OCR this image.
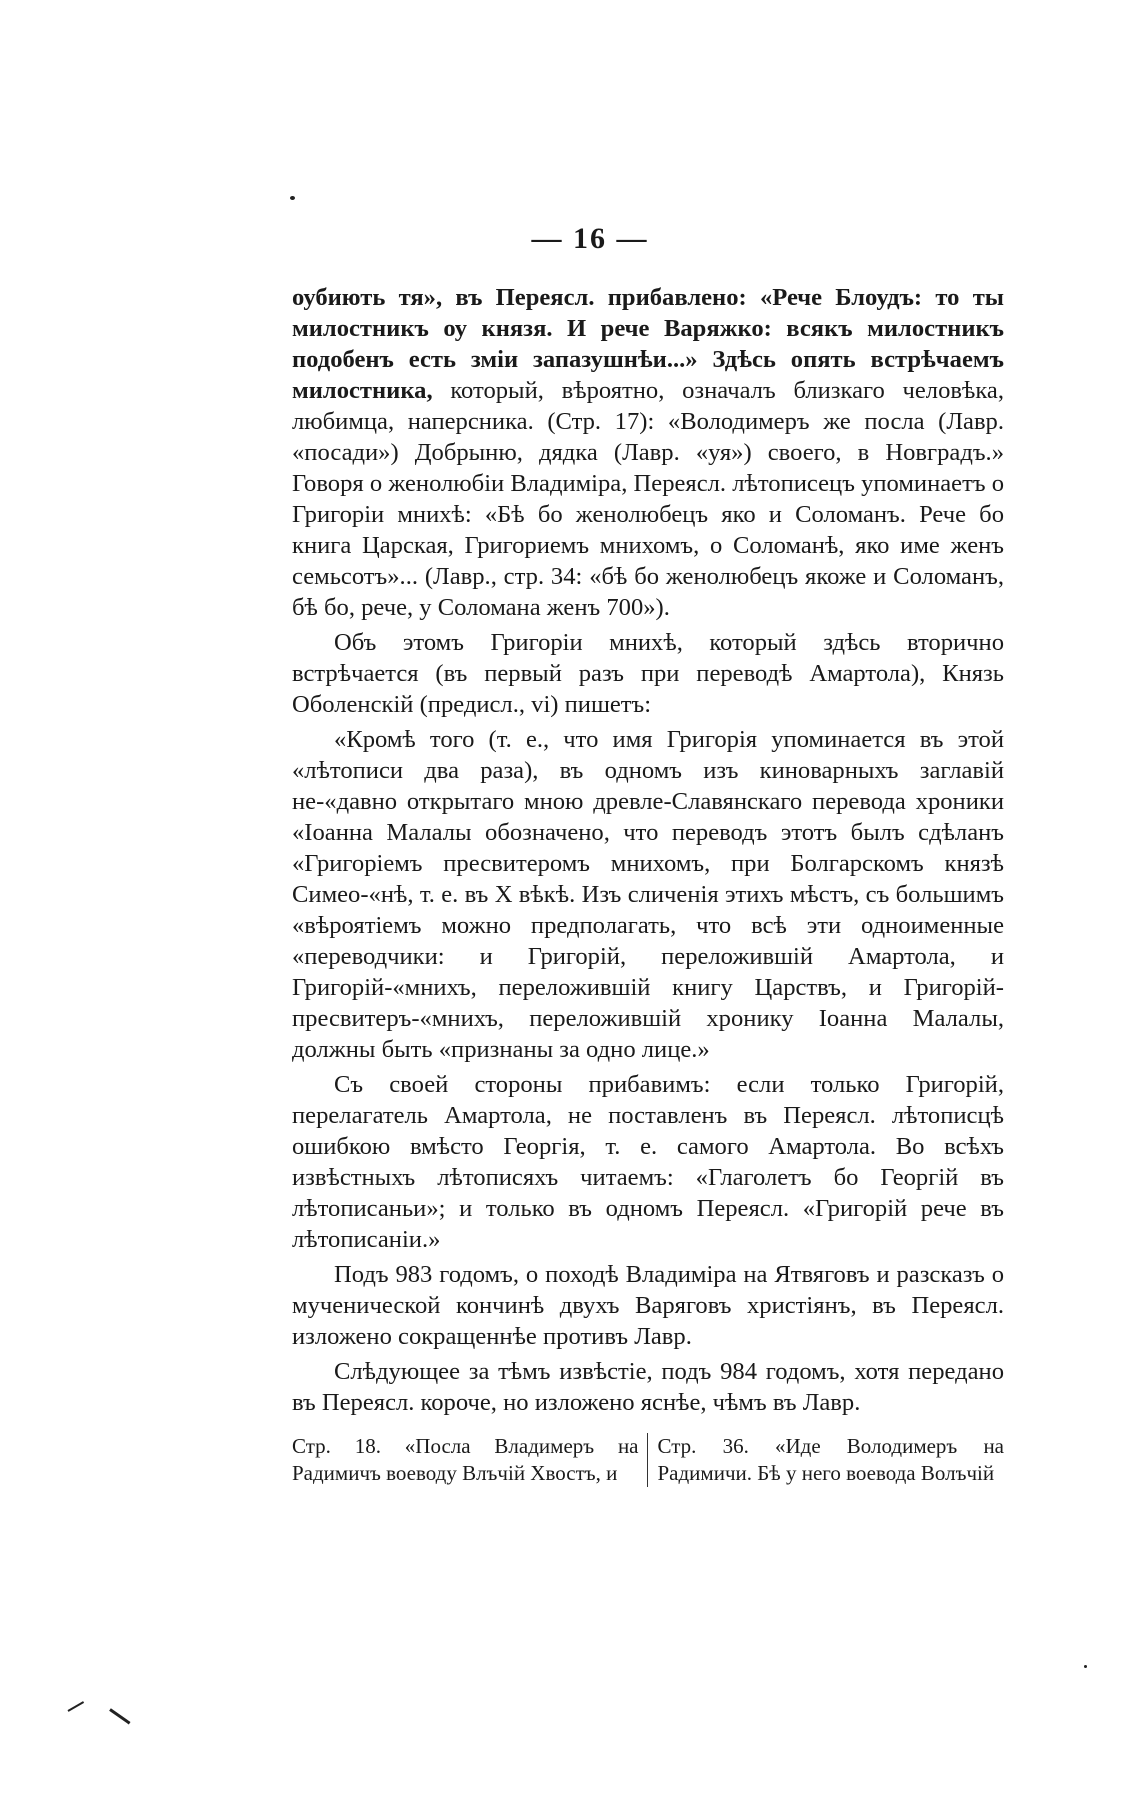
— 16 —

оубиють тя», въ Переясл. прибавлено: «Рече Блоудъ: то ты милостникъ оу князя. И рече Варяжко: всякъ милостникъ подобенъ есть зміи запазушнѣи...» Здѣсь опять встрѣчаемъ милостника, который, вѣроятно, означалъ близкаго человѣка, любимца, наперсника. (Стр. 17): «Володимеръ же посла (Лавр. «посади») Добрыню, дядка (Лавр. «уя») своего, в Новградъ.» Говоря о женолюбіи Владиміра, Переясл. лѣтописецъ упоминаетъ о Григоріи мнихѣ: «Бѣ бо женолюбецъ яко и Соломанъ. Рече бо книга Царская, Григориемъ мнихомъ, о Соломанѣ, яко име женъ семьсотъ»... (Лавр., стр. 34: «бѣ бо женолюбецъ якоже и Соломанъ, бѣ бо, рече, у Соломана женъ 700»).

Объ этомъ Григоріи мнихѣ, который здѣсь вторично встрѣчается (въ первый разъ при переводѣ Амартола), Князь Оболенскій (предисл., vi) пишетъ:

«Кромѣ того (т. е., что имя Григорія упоминается въ этой «лѣтописи два раза), въ одномъ изъ киноварныхъ заглавій не-«давно открытаго мною древле-Славянскаго перевода хроники «Іоанна Малалы обозначено, что переводъ этотъ былъ сдѣланъ «Григоріемъ пресвитеромъ мнихомъ, при Болгарскомъ князѣ Симео-«нѣ, т. е. въ X вѣкѣ. Изъ сличенія этихъ мѣстъ, съ большимъ «вѣроятіемъ можно предполагать, что всѣ эти одноименные «переводчики: и Григорій, переложившій Амартола, и Григорій-«мнихъ, переложившій книгу Царствъ, и Григорій-пресвитеръ-«мнихъ, переложившій хронику Іоанна Малалы, должны быть «признаны за одно лице.»

Съ своей стороны прибавимъ: если только Григорій, перелагатель Амартола, не поставленъ въ Переясл. лѣтописцѣ ошибкою вмѣсто Георгія, т. е. самого Амартола. Во всѣхъ извѣстныхъ лѣтописяхъ читаемъ: «Глаголетъ бо Георгій въ лѣтописаньи»; и только въ одномъ Переясл. «Григорій рече въ лѣтописаніи.»

Подъ 983 годомъ, о походѣ Владиміра на Ятвяговъ и разсказъ о мученической кончинѣ двухъ Варяговъ христіянъ, въ Переясл. изложено сокращеннѣе противъ Лавр.

Слѣдующее за тѣмъ извѣстіе, подъ 984 годомъ, хотя передано въ Переясл. короче, но изложено яснѣе, чѣмъ въ Лавр.

Стр. 18. «Посла Владимеръ на Радимичъ воеводу Влъчій Хвостъ, и
Стр. 36. «Иде Володимеръ на Радимичи. Бѣ у него воевода Волъчій
